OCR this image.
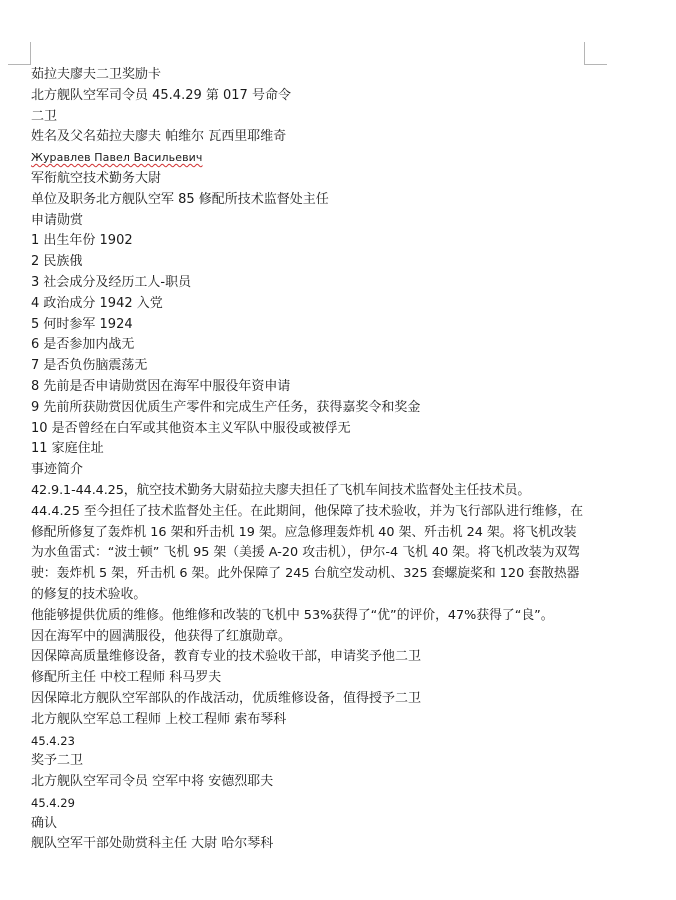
茹拉夫廖夫二卫奖励卡
北方舰队空军司令员 45.4.29 第 017 号命令
二卫
姓名及父名茹拉夫廖夫 帕维尔 瓦西里耶维奇
Журавлев Павел Васильевич
军衔航空技术勤务大尉
单位及职务北方舰队空军 85 修配所技术监督处主任
申请勋赏
1 出生年份 1902
2 民族俄
3 社会成分及经历工人-职员
4 政治成分 1942 入党
5 何时参军 1924
6 是否参加内战无
7 是否负伤脑震荡无
8 先前是否申请勋赏因在海军中服役年资申请
9 先前所获勋赏因优质生产零件和完成生产任务，获得嘉奖令和奖金
10 是否曾经在白军或其他资本主义军队中服役或被俘无
11 家庭住址
事迹简介
42.9.1-44.4.25，航空技术勤务大尉茹拉夫廖夫担任了飞机车间技术监督处主任技术员。
44.4.25 至今担任了技术监督处主任。在此期间，他保障了技术验收，并为飞行部队进行维修，在修配所修复了轰炸机 16 架和歼击机 19 架。应急修理轰炸机 40 架、歼击机 24 架。将飞机改装为水鱼雷式：“波士顿” 飞机 95 架（美援 A-20 攻击机），伊尔-4 飞机 40 架。将飞机改装为双驾驶：轰炸机 5 架，歼击机 6 架。此外保障了 245 台航空发动机、325 套螺旋桨和 120 套散热器的修复的技术验收。
他能够提供优质的维修。他维修和改装的飞机中 53%获得了“优”的评价，47%获得了“良”。
因在海军中的圆满服役，他获得了红旗勋章。
因保障高质量维修设备，教育专业的技术验收干部，申请奖予他二卫
修配所主任 中校工程师 科马罗夫
因保障北方舰队空军部队的作战活动，优质维修设备，值得授予二卫
北方舰队空军总工程师 上校工程师 索布琴科
45.4.23
奖予二卫
北方舰队空军司令员 空军中将 安德烈耶夫
45.4.29
确认
舰队空军干部处勋赏科主任 大尉 哈尔琴科
